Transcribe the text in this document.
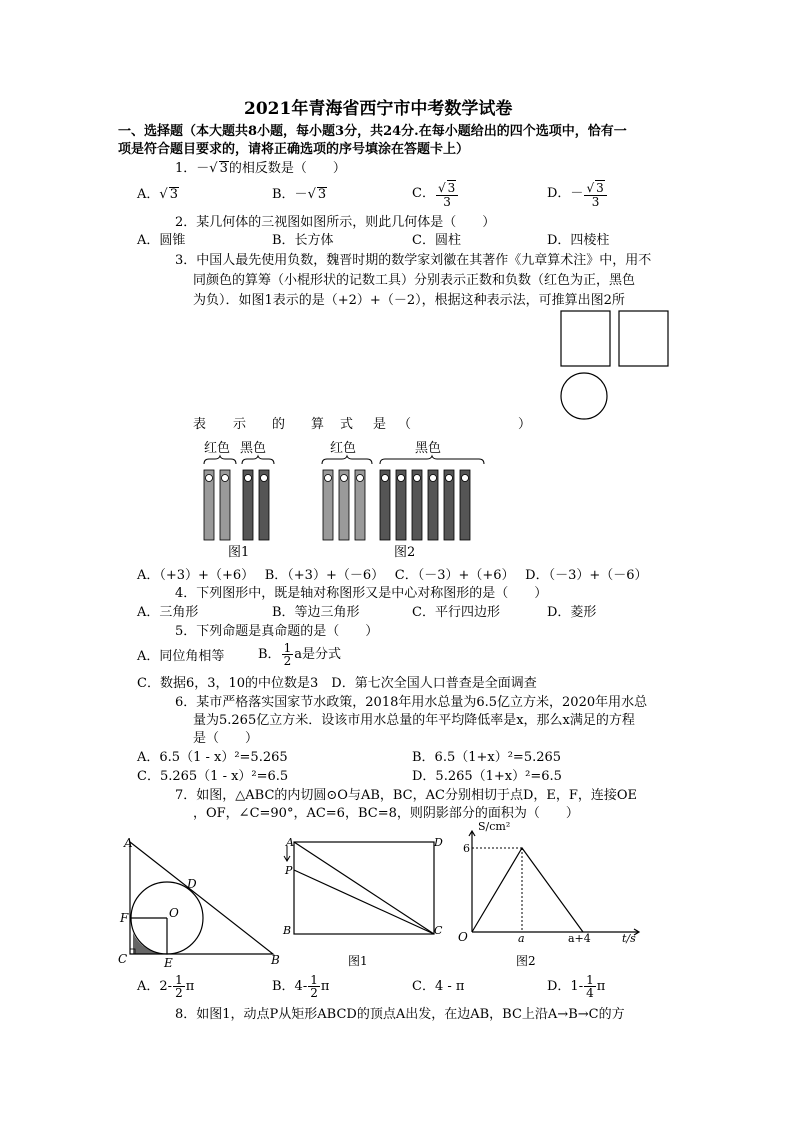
2021年青海省西宁市中考数学试卷
一、选择题（本大题共8小题，每小题3分，共24分.在每小题给出的四个选项中，恰有一
项是符合题目要求的，请将正确选项的序号填涂在答题卡上）
1．－√ 3的相反数是（　　）
A．√ 3	B．－√ 3	C． $\frac{√ 3}{3}$	D．－ $\frac{√ 3}{3}$
2．某几何体的三视图如图所示，则此几何体是（　　）
A．圆锥	B．长方体	C．圆柱	D．四棱柱
3．中国人最先使用负数，魏晋时期的数学家刘徽在其著作《九章算术注》中，用不
同颜色的算筹（小棍形状的记数工具）分别表示正数和负数（红色为正，黑色
为负）．如图1表示的是（+2）+（－2），根据这种表示法，可推算出图2所
表 示 的 算 式 是 （	）
红色 黑色	红色	黑色
图1	图2
A．（+3）+（+6）　 B．（+3）+（－6）　 C．（－3）+（+6）　 D．（－3）+（－6）
4．下列图形中，既是轴对称图形又是中心对称图形的是（　　）
A．三角形	B．等边三角形	C．平行四边形	D．菱形
5．下列命题是真命题的是（　　）
A．同位角相等	B． $\frac{1}{2}$ a是分式
C．数据6，3，10的中位数是3　D．第七次全国人口普查是全面调查
6．某市严格落实国家节水政策，2018年用水总量为6.5亿立方米，2020年用水总
量为5.265亿立方米．设该市用水总量的年平均降低率是x，那么x满足的方程
是（　　）
A．6.5（1 - x）²=5.265	B．6.5（1+x）²=5.265
C．5.265（1 - x）²=6.5	D．5.265（1+x）²=6.5
7．如图，△ABC的内切圆⊙O与AB，BC，AC分别相切于点D，E，F，连接OE
，OF，∠C=90°，AC=6，BC=8，则阴影部分的面积为（　　）
A
D
F	O
C	E	B
A	D
P
B	C
图1
S/cm²
6
O	a	a+4	t/s
图2
A．$2- \frac{1}{2}$ π	B．$4- \frac{1}{2}$ π	C．4 - π	D．$1- \frac{1}{4}$ π
8．如图1，动点P从矩形ABCD的顶点A出发，在边AB，BC上沿A→B→C的方
